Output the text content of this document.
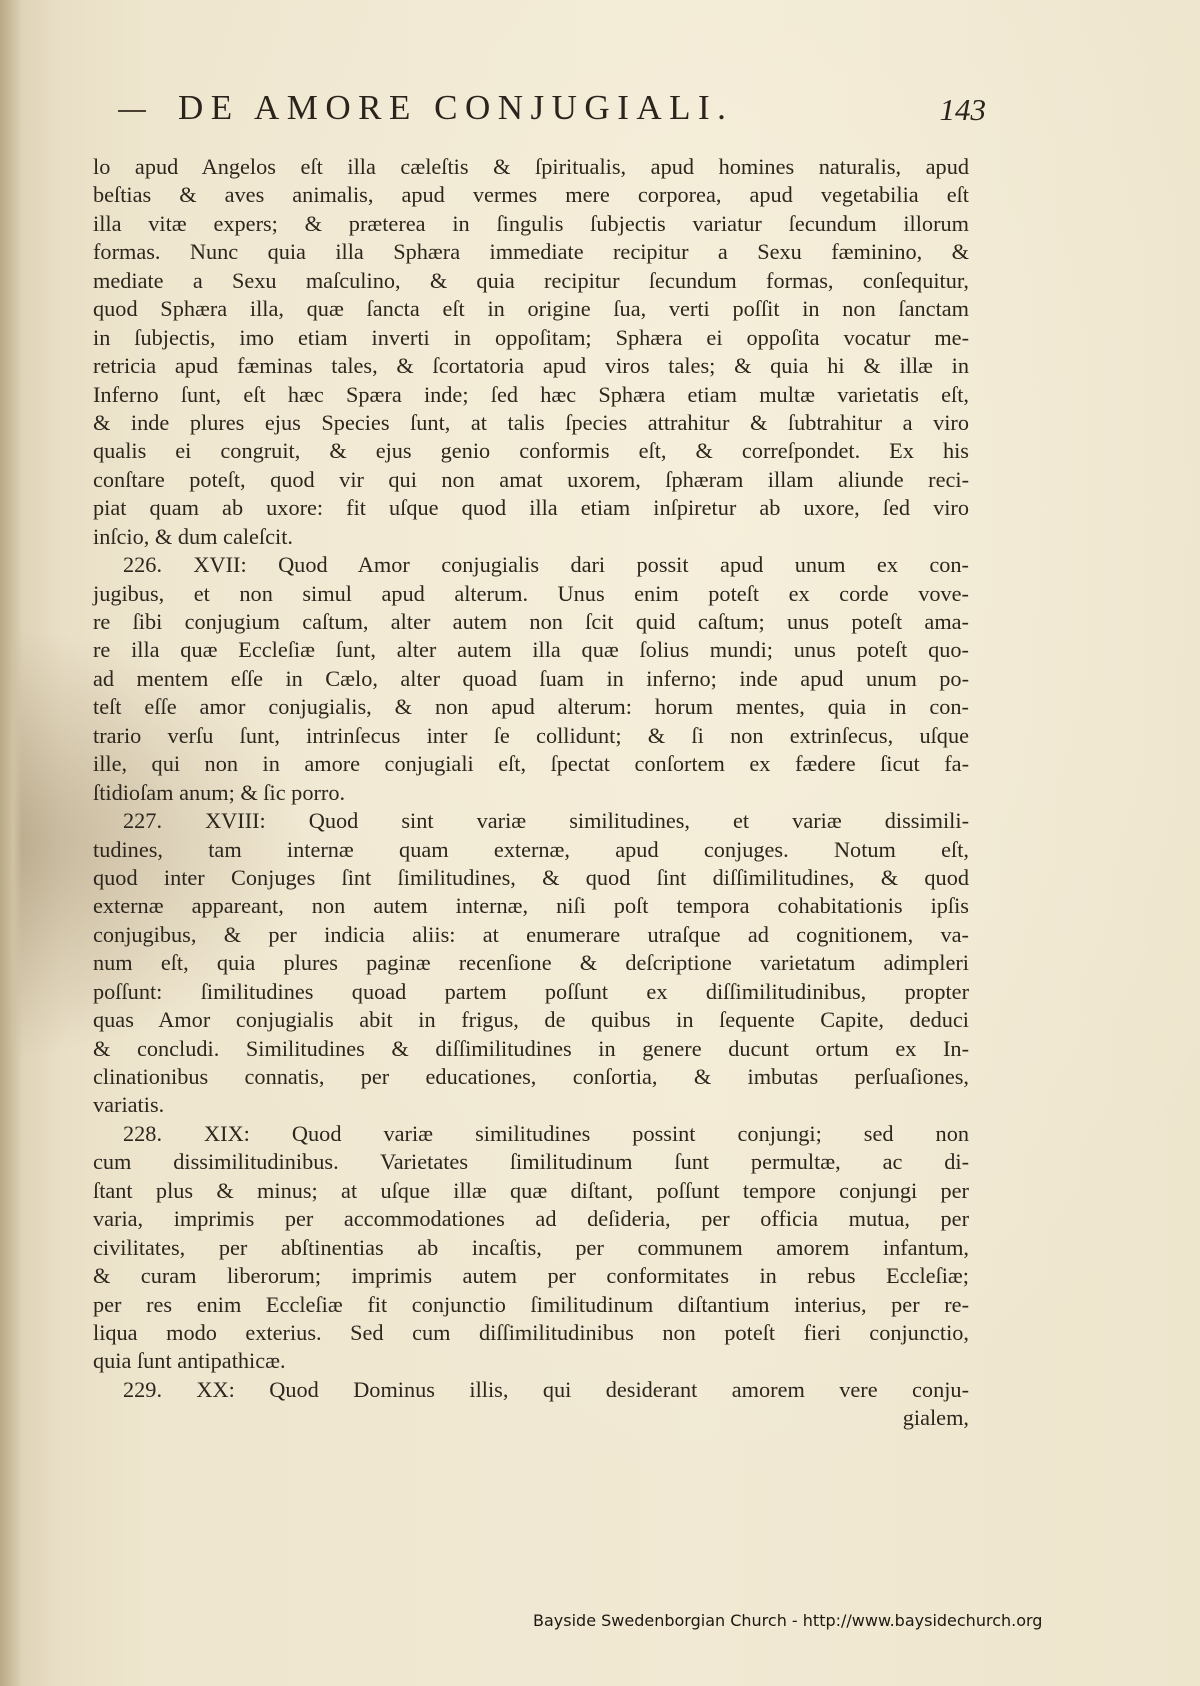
DE AMORE CONJUGIALI.	143
lo apud Angelos eſt illa cæleſtis & ſpiritualis, apud homines naturalis, apud
beſtias & aves animalis, apud vermes mere corporea, apud vegetabilia eſt
illa vitæ expers; & præterea in ſingulis ſubjectis variatur ſecundum illorum
formas. Nunc quia illa Sphæra immediate recipitur a Sexu fæminino, &
mediate a Sexu maſculino, & quia recipitur ſecundum formas, conſequitur,
quod Sphæra illa, quæ ſancta eſt in origine ſua, verti poſſit in non ſanctam
in ſubjectis, imo etiam inverti in oppoſitam; Sphæra ei oppoſita vocatur me-
retricia apud fæminas tales, & ſcortatoria apud viros tales; & quia hi & illæ in
Inferno ſunt, eſt hæc Spæra inde; ſed hæc Sphæra etiam multæ varietatis eſt,
& inde plures ejus Species ſunt, at talis ſpecies attrahitur & ſubtrahitur a viro
qualis ei congruit, & ejus genio conformis eſt, & correſpondet. Ex his
conſtare poteſt, quod vir qui non amat uxorem, ſphæram illam aliunde reci-
piat quam ab uxore: fit uſque quod illa etiam inſpiretur ab uxore, ſed viro
inſcio, & dum caleſcit.
226. XVII: Quod Amor conjugialis dari possit apud unum ex con-
jugibus, et non simul apud alterum. Unus enim poteſt ex corde vove-
re ſibi conjugium caſtum, alter autem non ſcit quid caſtum; unus poteſt ama-
re illa quæ Eccleſiæ ſunt, alter autem illa quæ ſolius mundi; unus poteſt quo-
ad mentem eſſe in Cælo, alter quoad ſuam in inferno; inde apud unum po-
teſt eſſe amor conjugialis, & non apud alterum: horum mentes, quia in con-
trario verſu ſunt, intrinſecus inter ſe collidunt; & ſi non extrinſecus, uſque
ille, qui non in amore conjugiali eſt, ſpectat conſortem ex fædere ſicut fa-
ſtidioſam anum; & ſic porro.
227. XVIII: Quod sint variæ similitudines, et variæ dissimili-
tudines, tam internæ quam externæ, apud conjuges. Notum eſt,
quod inter Conjuges ſint ſimilitudines, & quod ſint diſſimilitudines, & quod
externæ appareant, non autem internæ, niſi poſt tempora cohabitationis ipſis
conjugibus, & per indicia aliis: at enumerare utraſque ad cognitionem, va-
num eſt, quia plures paginæ recenſione & deſcriptione varietatum adimpleri
poſſunt: ſimilitudines quoad partem poſſunt ex diſſimilitudinibus, propter
quas Amor conjugialis abit in frigus, de quibus in ſequente Capite, deduci
& concludi. Similitudines & diſſimilitudines in genere ducunt ortum ex In-
clinationibus connatis, per educationes, conſortia, & imbutas perſuaſiones,
variatis.
228. XIX: Quod variæ similitudines possint conjungi; sed non
cum dissimilitudinibus. Varietates ſimilitudinum ſunt permultæ, ac di-
ſtant plus & minus; at uſque illæ quæ diſtant, poſſunt tempore conjungi per
varia, imprimis per accommodationes ad deſideria, per officia mutua, per
civilitates, per abſtinentias ab incaſtis, per communem amorem infantum,
& curam liberorum; imprimis autem per conformitates in rebus Eccleſiæ;
per res enim Eccleſiæ fit conjunctio ſimilitudinum diſtantium interius, per re-
liqua modo exterius. Sed cum diſſimilitudinibus non poteſt fieri conjunctio,
quia ſunt antipathicæ.
229. XX: Quod Dominus illis, qui desiderant amorem vere conju-
gialem,
Bayside Swedenborgian Church - http://www.baysidechurch.org
